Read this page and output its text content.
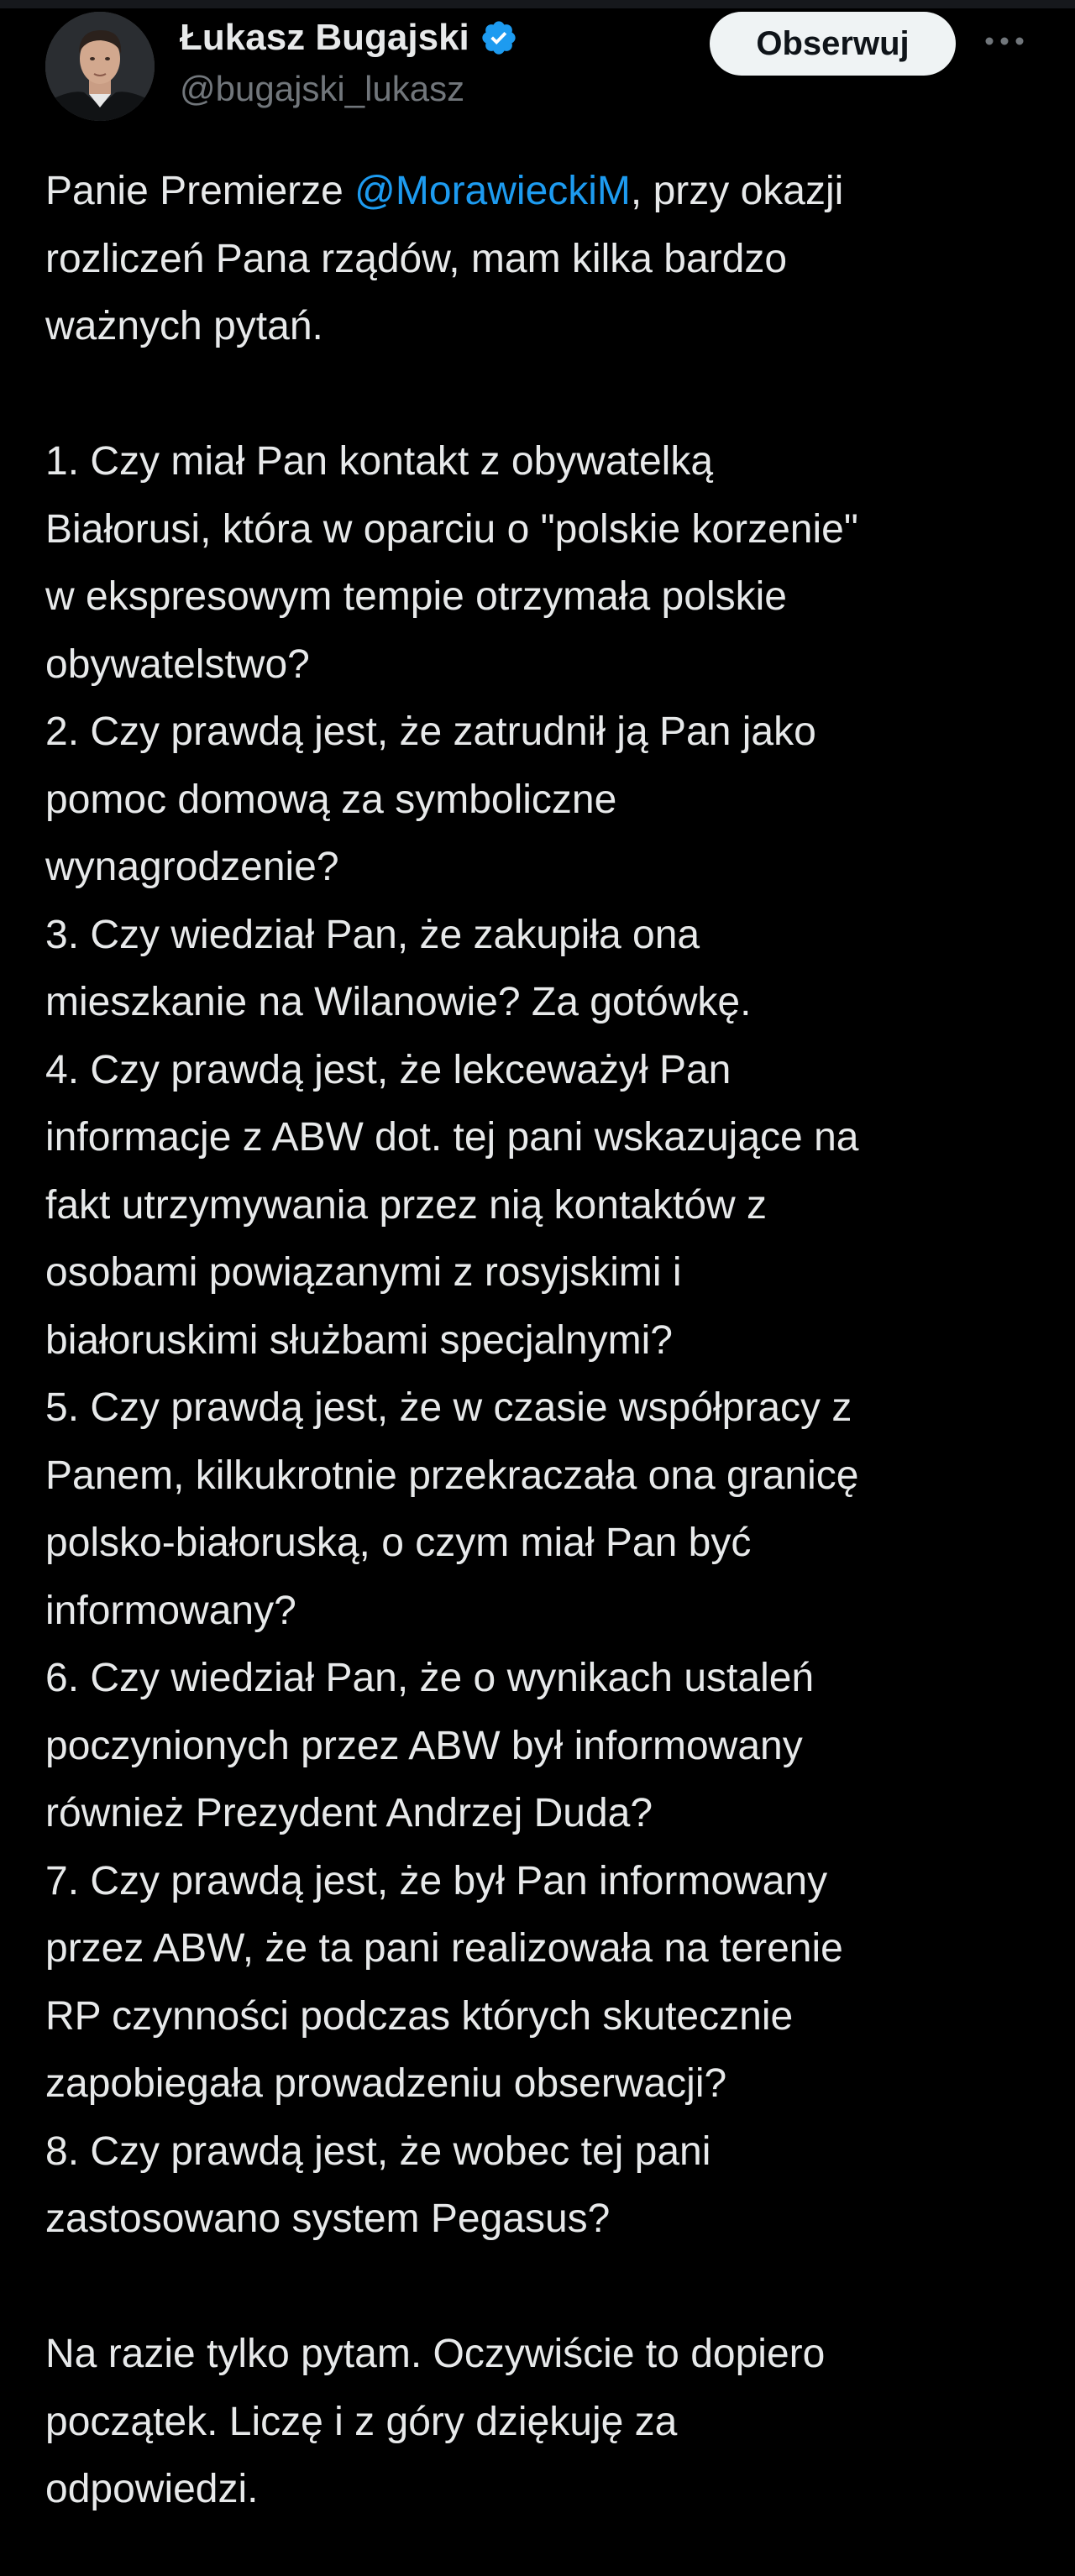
Łukasz Bugajski
@bugajski_lukasz
Obserwuj
Panie Premierze @MorawieckiM, przy okazji
rozliczeń Pana rządów, mam kilka bardzo
ważnych pytań.
1. Czy miał Pan kontakt z obywatelką
Białorusi, która w oparciu o "polskie korzenie"
w ekspresowym tempie otrzymała polskie
obywatelstwo?
2. Czy prawdą jest, że zatrudnił ją Pan jako
pomoc domową za symboliczne
wynagrodzenie?
3. Czy wiedział Pan, że zakupiła ona
mieszkanie na Wilanowie? Za gotówkę.
4. Czy prawdą jest, że lekceważył Pan
informacje z ABW dot. tej pani wskazujące na
fakt utrzymywania przez nią kontaktów z
osobami powiązanymi z rosyjskimi i
białoruskimi służbami specjalnymi?
5. Czy prawdą jest, że w czasie współpracy z
Panem, kilkukrotnie przekraczała ona granicę
polsko-białoruską, o czym miał Pan być
informowany?
6. Czy wiedział Pan, że o wynikach ustaleń
poczynionych przez ABW był informowany
również Prezydent Andrzej Duda?
7. Czy prawdą jest, że był Pan informowany
przez ABW, że ta pani realizowała na terenie
RP czynności podczas których skutecznie
zapobiegała prowadzeniu obserwacji?
8. Czy prawdą jest, że wobec tej pani
zastosowano system Pegasus?
Na razie tylko pytam. Oczywiście to dopiero
początek. Liczę i z góry dziękuję za
odpowiedzi.
